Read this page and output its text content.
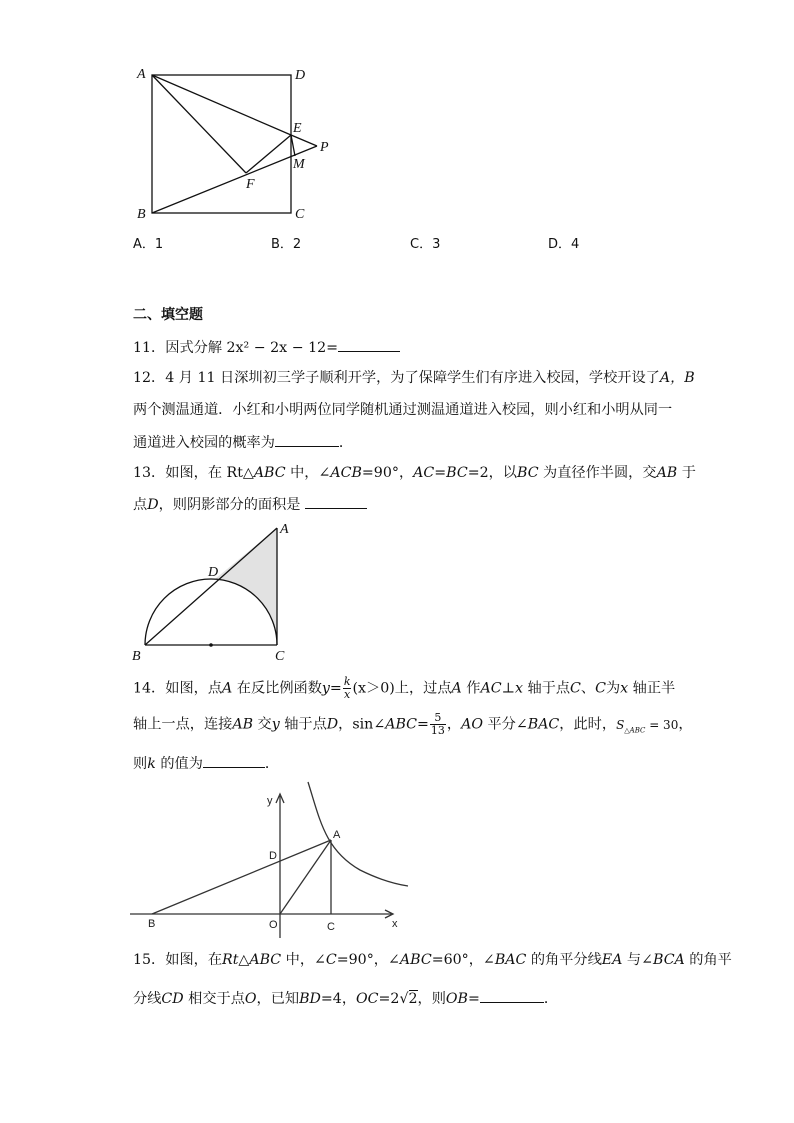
A	D
E
P
M
F
B	C
A．1	B．2	C．3	D．4
二、填空题
11．因式分解 2x² − 2x − 12=
12．4 月 11 日深圳初三学子顺利开学，为了保障学生们有序进入校园，学校开设了A，B
两个测温通道．小红和小明两位同学随机通过测温通道进入校园，则小红和小明从同一
通道进入校园的概率为	．
13．如图，在 Rt△ABC 中，∠ACB=90°，AC=BC=2，以BC 为直径作半圆，交AB 于
点D，则阴影部分的面积是
A
D
B	C
14．如图，点A 在反比例函数$y= \frac{k}{x} (x>0)$上，过点A 作AC⊥x 轴于点C、C为x 轴正半
轴上一点，连接AB 交y 轴于点D，sin∠ABC= $\frac{5}{13}$ ，AO 平分∠BAC，此时，$S_{\triangle ABC} = 30$，
则k 的值为	．
y
x
A
D
B	O	C
15．如图，在Rt△ABC 中，∠C=90°，∠ABC=60°，∠BAC 的角平分线EA 与∠BCA 的角平
分线CD 相交于点O，已知BD=4，OC=2√2，则OB=	．
